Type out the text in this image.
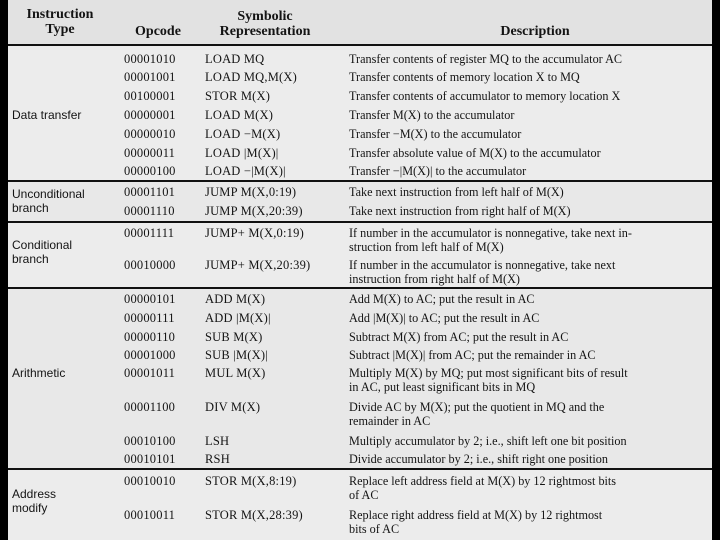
Instruction
Type	Opcode
Symbolic
Representation	Description
Data transfer
00001010 LOAD MQ	Transfer contents of register MQ to the accumulator AC
00001001 LOAD MQ,M(X)	Transfer contents of memory location X to MQ
00100001 STOR M(X)	Transfer contents of accumulator to memory location X
00000001 LOAD M(X)	Transfer M(X) to the accumulator
00000010 LOAD −M(X)	Transfer −M(X) to the accumulator
00000011 LOAD |M(X)|	Transfer absolute value of M(X) to the accumulator
00000100 LOAD −|M(X)|	Transfer −|M(X)| to the accumulator
Unconditional
branch
00001101 JUMP M(X,0:19)	Take next instruction from left half of M(X)
00001110 JUMP M(X,20:39)	Take next instruction from right half of M(X)
Conditional
branch
00001111 JUMP+ M(X,0:19)	If number in the accumulator is nonnegative, take next in-
struction from left half of M(X)
00010000 JUMP+ M(X,20:39)	If number in the accumulator is nonnegative, take next
instruction from right half of M(X)
Arithmetic
00000101 ADD M(X)	Add M(X) to AC; put the result in AC
00000111 ADD |M(X)|	Add |M(X)| to AC; put the result in AC
00000110 SUB M(X)	Subtract M(X) from AC; put the result in AC
00001000 SUB |M(X)|	Subtract |M(X)| from AC; put the remainder in AC
00001011 MUL M(X)	Multiply M(X) by MQ; put most significant bits of result
in AC, put least significant bits in MQ
00001100 DIV M(X)	Divide AC by M(X); put the quotient in MQ and the
remainder in AC
00010100 LSH	Multiply accumulator by 2; i.e., shift left one bit position
00010101 RSH	Divide accumulator by 2; i.e., shift right one position
Address
modify
00010010 STOR M(X,8:19)	Replace left address field at M(X) by 12 rightmost bits
of AC
00010011 STOR M(X,28:39)	Replace right address field at M(X) by 12 rightmost
bits of AC
